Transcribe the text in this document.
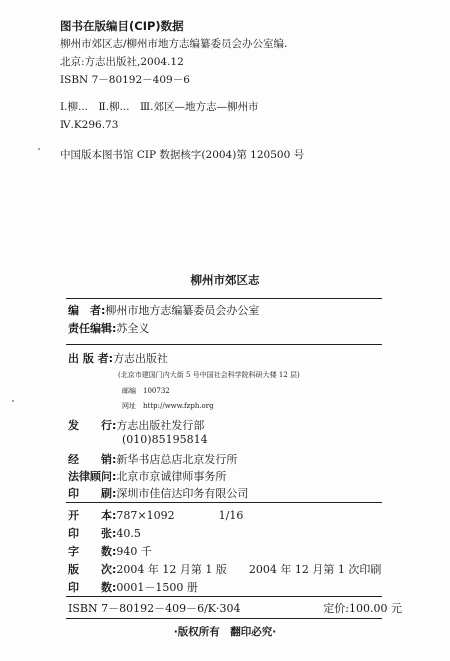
图书在版编目(CIP)数据
柳州市郊区志/柳州市地方志编纂委员会办公室编.
北京:方志出版社,2004.12
ISBN 7－80192－409－6
Ⅰ.柳...　Ⅱ.柳...　Ⅲ.郊区—地方志—柳州市
Ⅳ.K296.73
中国版本图书馆 CIP 数据核字(2004)第 120500 号
柳州市郊区志
编　者:柳州市地方志编纂委员会办公室
责任编辑:苏全义
出 版 者:方志出版社
(北京市建国门内大街 5 号中国社会科学院科研大楼 12 层)
邮编　100732
网址　http://www.fzph.org
发　　行:方志出版社发行部
(010)85195814
经　　销:新华书店总店北京发行所
法律顾问:北京市京诚律师事务所
印　　刷:深圳市佳信达印务有限公司
开　　本:787×1092　　　　1/16
印　　张:40.5
字　　数:940 千
版　　次:2004 年 12 月第 1 版　　2004 年 12 月第 1 次印刷
印　　数:0001－1500 册
ISBN 7－80192－409－6/K·304	定价:100.00 元
·版权所有　翻印必究·
